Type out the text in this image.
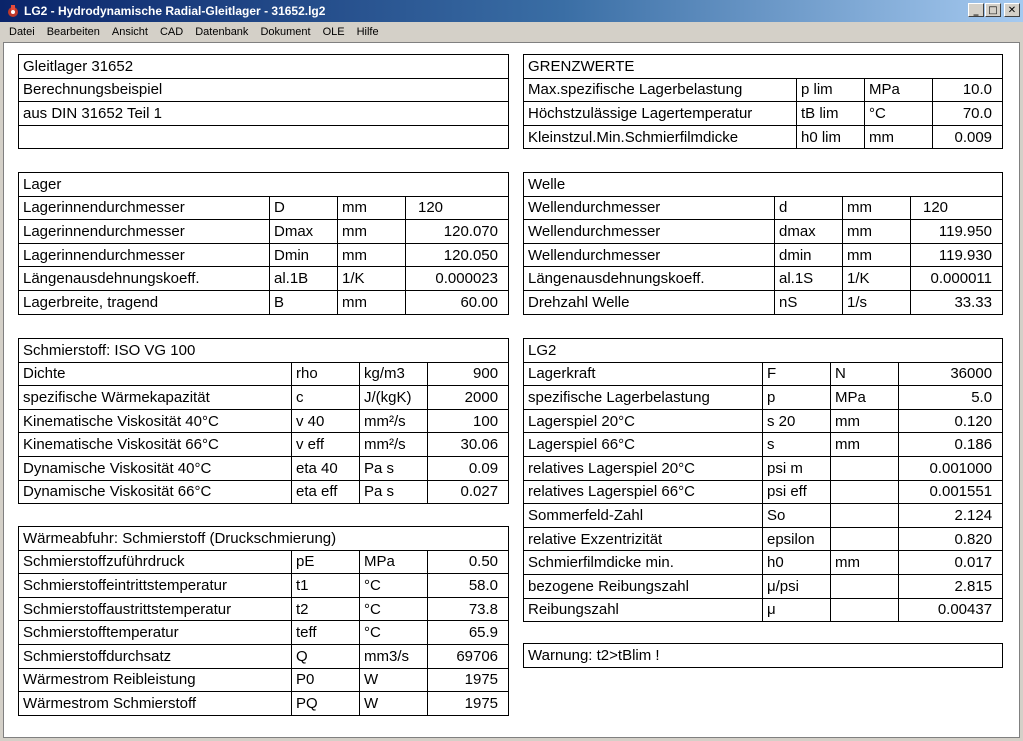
LG2 - Hydrodynamische Radial-Gleitlager - 31652.lg2	_ □	✕
Datei	Bearbeiten	Ansicht	CAD	Datenbank	Dokument	OLE	Hilfe
Gleitlager 31652
Berechnungsbeispiel
aus DIN 31652 Teil 1

GRENZWERTE			
Max.spezifische Lagerbelastung	p lim	MPa	10.0
Höchstzulässige Lagertemperatur	tB lim	°C	70.0
Kleinstzul.Min.Schmierfilmdicke	h0 lim	mm	0.009
Lager			
Lagerinnendurchmesser	D	mm	120
Lagerinnendurchmesser	Dmax	mm	120.070
Lagerinnendurchmesser	Dmin	mm	120.050
Längenausdehnungskoeff.	al.1B	1/K	0.000023
Lagerbreite, tragend	B	mm	60.00
Welle			
Wellendurchmesser	d	mm	120
Wellendurchmesser	dmax	mm	119.950
Wellendurchmesser	dmin	mm	119.930
Längenausdehnungskoeff.	al.1S	1/K	0.000011
Drehzahl Welle	nS	1/s	33.33
Schmierstoff: ISO VG 100			
Dichte	rho	kg/m3	900
spezifische Wärmekapazität	c	J/(kgK)	2000
Kinematische Viskosität 40°C	v 40	mm²/s	100
Kinematische Viskosität 66°C	v eff	mm²/s	30.06
Dynamische Viskosität 40°C	eta 40	Pa s	0.09
Dynamische Viskosität 66°C	eta eff	Pa s	0.027
Wärmeabfuhr: Schmierstoff (Druckschmierung)			
Schmierstoffzuführdruck	pE	MPa	0.50
Schmierstoffeintrittstemperatur	t1	°C	58.0
Schmierstoffaustrittstemperatur	t2	°C	73.8
Schmierstofftemperatur	teff	°C	65.9
Schmierstoffdurchsatz	Q	mm3/s	69706
Wärmestrom Reibleistung	P0	W	1975
Wärmestrom Schmierstoff	PQ	W	1975
LG2			
Lagerkraft	F	N	36000
spezifische Lagerbelastung	p	MPa	5.0
Lagerspiel 20°C	s 20	mm	0.120
Lagerspiel 66°C	s	mm	0.186
relatives Lagerspiel 20°C	psi m		0.001000
relatives Lagerspiel 66°C	psi eff		0.001551
Sommerfeld-Zahl	So		2.124
relative Exzentrizität	epsilon		0.820
Schmierfilmdicke min.	h0	mm	0.017
bezogene Reibungszahl	μ/psi		2.815
Reibungszahl	μ		0.00437
Warnung: t2>tBlim !
